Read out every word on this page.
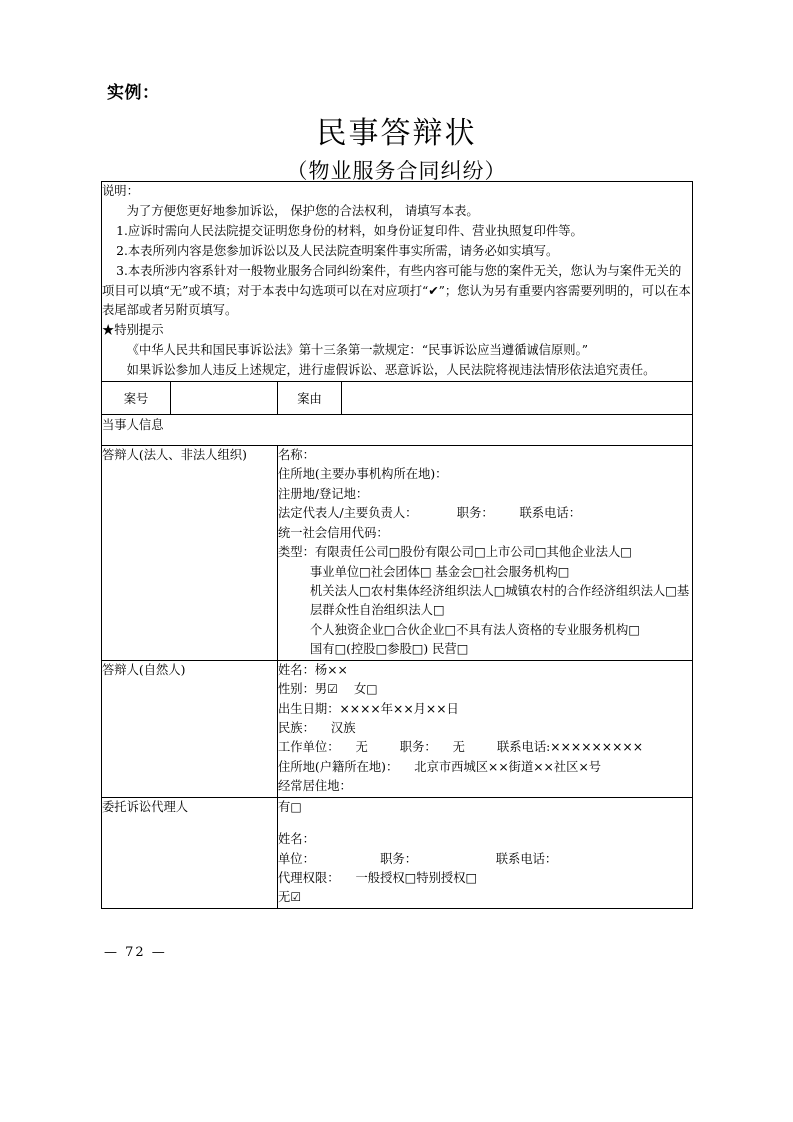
实例：
民事答辩状
（物业服务合同纠纷）

说明：

为了方便您更好地参加诉讼， 保护您的合法权利， 请填写本表。

1.应诉时需向人民法院提交证明您身份的材料，如身份证复印件、营业执照复印件等。

2.本表所列内容是您参加诉讼以及人民法院查明案件事实所需，请务必如实填写。

3.本表所涉内容系针对一般物业服务合同纠纷案件，有些内容可能与您的案件无关，您认为与案件无关的项目可以填“无”或不填；对于本表中勾选项可以在对应项打“✔”；您认为另有重要内容需要列明的，可以在本表尾部或者另附页填写。

★特别提示

《中华人民共和国民事诉讼法》第十三条第一款规定：“民事诉讼应当遵循诚信原则。”

如果诉讼参加人违反上述规定，进行虚假诉讼、恶意诉讼，人民法院将视违法情形依法追究责任。

案号		案由	
当事人信息			
答辩人(法人、非法人组织)	名称：

住所地(主要办事机构所在地)：

注册地/登记地：

法定代表人/主要负责人：	职务： 联系电话：

统一社会信用代码：

类型：有限责任公司□股份有限公司□上市公司□其他企业法人□

事业单位□社会团体□ 基金会□社会服务机构□

机关法人□农村集体经济组织法人□城镇农村的合作经济组织法人□基层群众性自治组织法人□

个人独资企业□合伙企业□不具有法人资格的专业服务机构□

国有□(控股□参股□) 民营□

答辩人(自然人)	姓名：杨××

性别：男☑ 女□

出生日期：××××年××月××日

民族： 汉族

工作单位： 无	职务： 无	联系电话:×××××××××

住所地(户籍所在地)： 北京市西城区××街道××社区×号

经常居住地：

委托诉讼代理人		有□

姓名：

单位： 职务： 联系电话：

代理权限： 一般授权□特别授权□

无☑	

— 72 —
